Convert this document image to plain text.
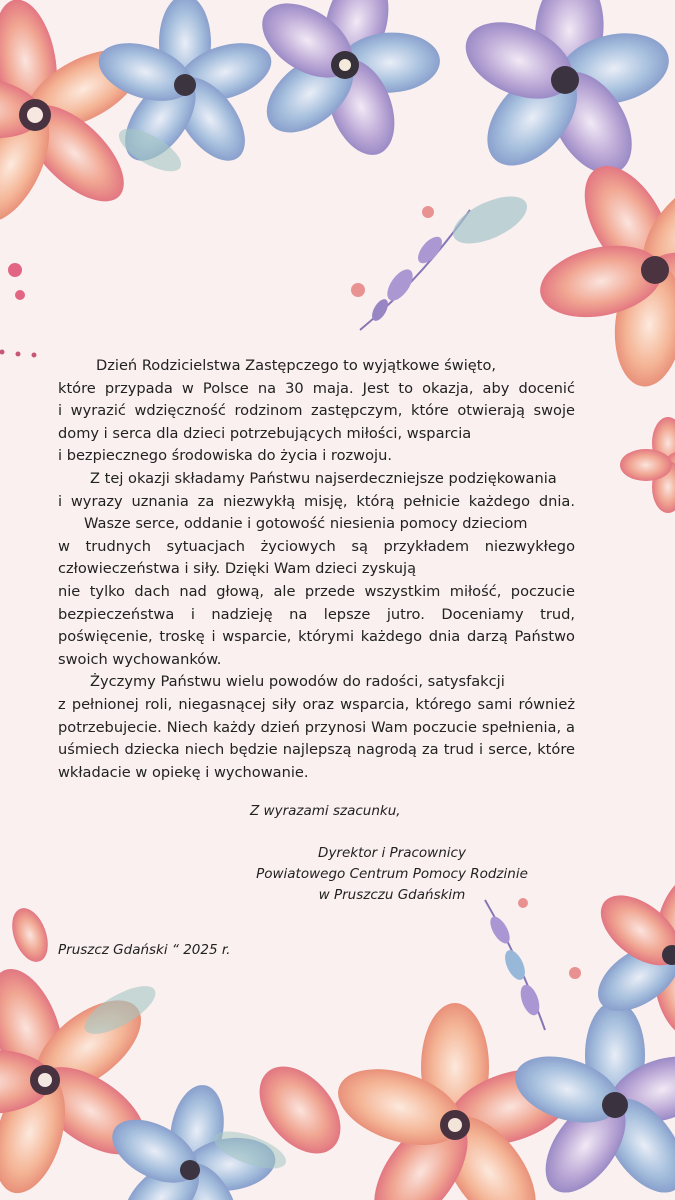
Dzień Rodzicielstwa Zastępczego to wyjątkowe święto,

które przypada w Polsce na 30 maja. Jest to okazja, aby docenić

i wyrazić wdzięczność rodzinom zastępczym, które otwierają swoje

domy i serca dla dzieci potrzebujących miłości, wsparcia

i bezpiecznego środowiska do życia i rozwoju.

Z tej okazji składamy Państwu najserdeczniejsze podziękowania

i wyrazy uznania za niezwykłą misję, którą pełnicie każdego dnia.

Wasze serce, oddanie i gotowość niesienia pomocy dzieciom

w trudnych sytuacjach życiowych są przykładem niezwykłego

człowieczeństwa i siły. Dzięki Wam dzieci zyskują

nie tylko dach nad głową, ale przede wszystkim miłość, poczucie bezpieczeństwa i nadzieję na lepsze jutro. Doceniamy trud, poświęcenie, troskę i wsparcie, którymi każdego dnia darzą Państwo swoich wychowanków.

Życzymy Państwu wielu powodów do radości, satysfakcji

z pełnionej roli, niegasnącej siły oraz wsparcia, którego sami również potrzebujecie. Niech każdy dzień przynosi Wam poczucie spełnienia, a uśmiech dziecka niech będzie najlepszą nagrodą za trud i serce, które wkładacie w opiekę i wychowanie.

Z wyrazami szacunku,
Dyrektor i Pracownicy
Powiatowego Centrum Pomocy Rodzinie
w Pruszczu Gdańskim
Pruszcz Gdański “ 2025 r.
